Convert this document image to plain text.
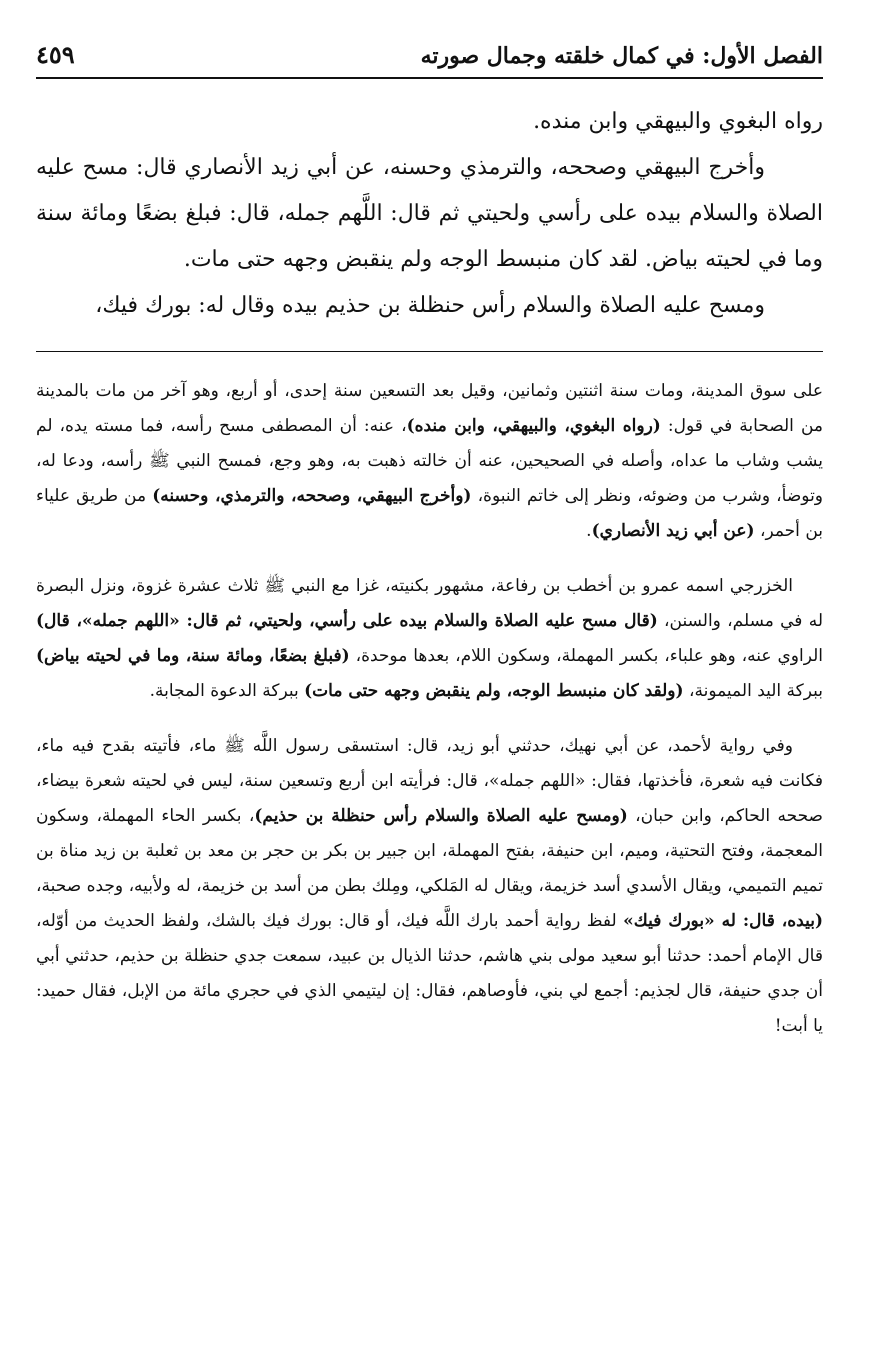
الفصل الأول: في كمال خلقته وجمال صورته
٤٥٩

رواه البغوي والبيهقي وابن منده.

وأخرج البيهقي وصححه، والترمذي وحسنه، عن أبي زيد الأنصاري قال: مسح عليه الصلاة والسلام بيده على رأسي ولحيتي ثم قال: اللَّهم جمله، قال: فبلغ بضعًا ومائة سنة وما في لحيته بياض. لقد كان منبسط الوجه ولم ينقبض وجهه حتى مات.

ومسح عليه الصلاة والسلام رأس حنظلة بن حذيم بيده وقال له: بورك فيك،

على سوق المدينة، ومات سنة اثنتين وثمانين، وقيل بعد التسعين سنة إحدى، أو أربع، وهو آخر من مات بالمدينة من الصحابة في قول: (رواه البغوي، والبيهقي، وابن منده)، عنه: أن المصطفى مسح رأسه، فما مسته يده، لم يشب وشاب ما عداه، وأصله في الصحيحين، عنه أن خالته ذهبت به، وهو وجع، فمسح النبي ﷺ رأسه، ودعا له، وتوضأ، وشرب من وضوئه، ونظر إلى خاتم النبوة، (وأخرج البيهقي، وصححه، والترمذي، وحسنه) من طريق علياء بن أحمر، (عن أبي زيد الأنصاري).

الخزرجي اسمه عمرو بن أخطب بن رفاعة، مشهور بكنيته، غزا مع النبي ﷺ ثلاث عشرة غزوة، ونزل البصرة له في مسلم، والسنن، (قال مسح عليه الصلاة والسلام بيده على رأسي، ولحيتي، ثم قال: «اللهم جمله»، قال) الراوي عنه، وهو علباء، بكسر المهملة، وسكون اللام، بعدها موحدة، (فبلغ بضعًا، ومائة سنة، وما في لحيته بياض) ببركة اليد الميمونة، (ولقد كان منبسط الوجه، ولم ينقبض وجهه حتى مات) ببركة الدعوة المجابة.

وفي رواية لأحمد، عن أبي نهيك، حدثني أبو زيد، قال: استسقى رسول اللَّه ﷺ ماء، فأتيته بقدح فيه ماء، فكانت فيه شعرة، فأخذتها، فقال: «اللهم جمله»، قال: فرأيته ابن أربع وتسعين سنة، ليس في لحيته شعرة بيضاء، صححه الحاكم، وابن حبان، (ومسح عليه الصلاة والسلام رأس حنظلة بن حذيم)، بكسر الحاء المهملة، وسكون المعجمة، وفتح التحتية، وميم، ابن حنيفة، بفتح المهملة، ابن جبير بن بكر بن حجر بن معد بن ثعلبة بن زيد مناة بن تميم التميمي، ويقال الأسدي أسد خزيمة، ويقال له المَلكي، ومِلك بطن من أسد بن خزيمة، له ولأبيه، وجده صحبة، (بيده، قال: له «بورك فيك» لفظ رواية أحمد بارك اللَّه فيك، أو قال: بورك فيك بالشك، ولفظ الحديث من أوّله، قال الإمام أحمد: حدثنا أبو سعيد مولى بني هاشم، حدثنا الذيال بن عبيد، سمعت جدي حنظلة بن حذيم، حدثني أبي أن جدي حنيفة، قال لجذيم: أجمع لي بني، فأوصاهم، فقال: إن ليتيمي الذي في حجري مائة من الإبل، فقال حميد: يا أبت!
